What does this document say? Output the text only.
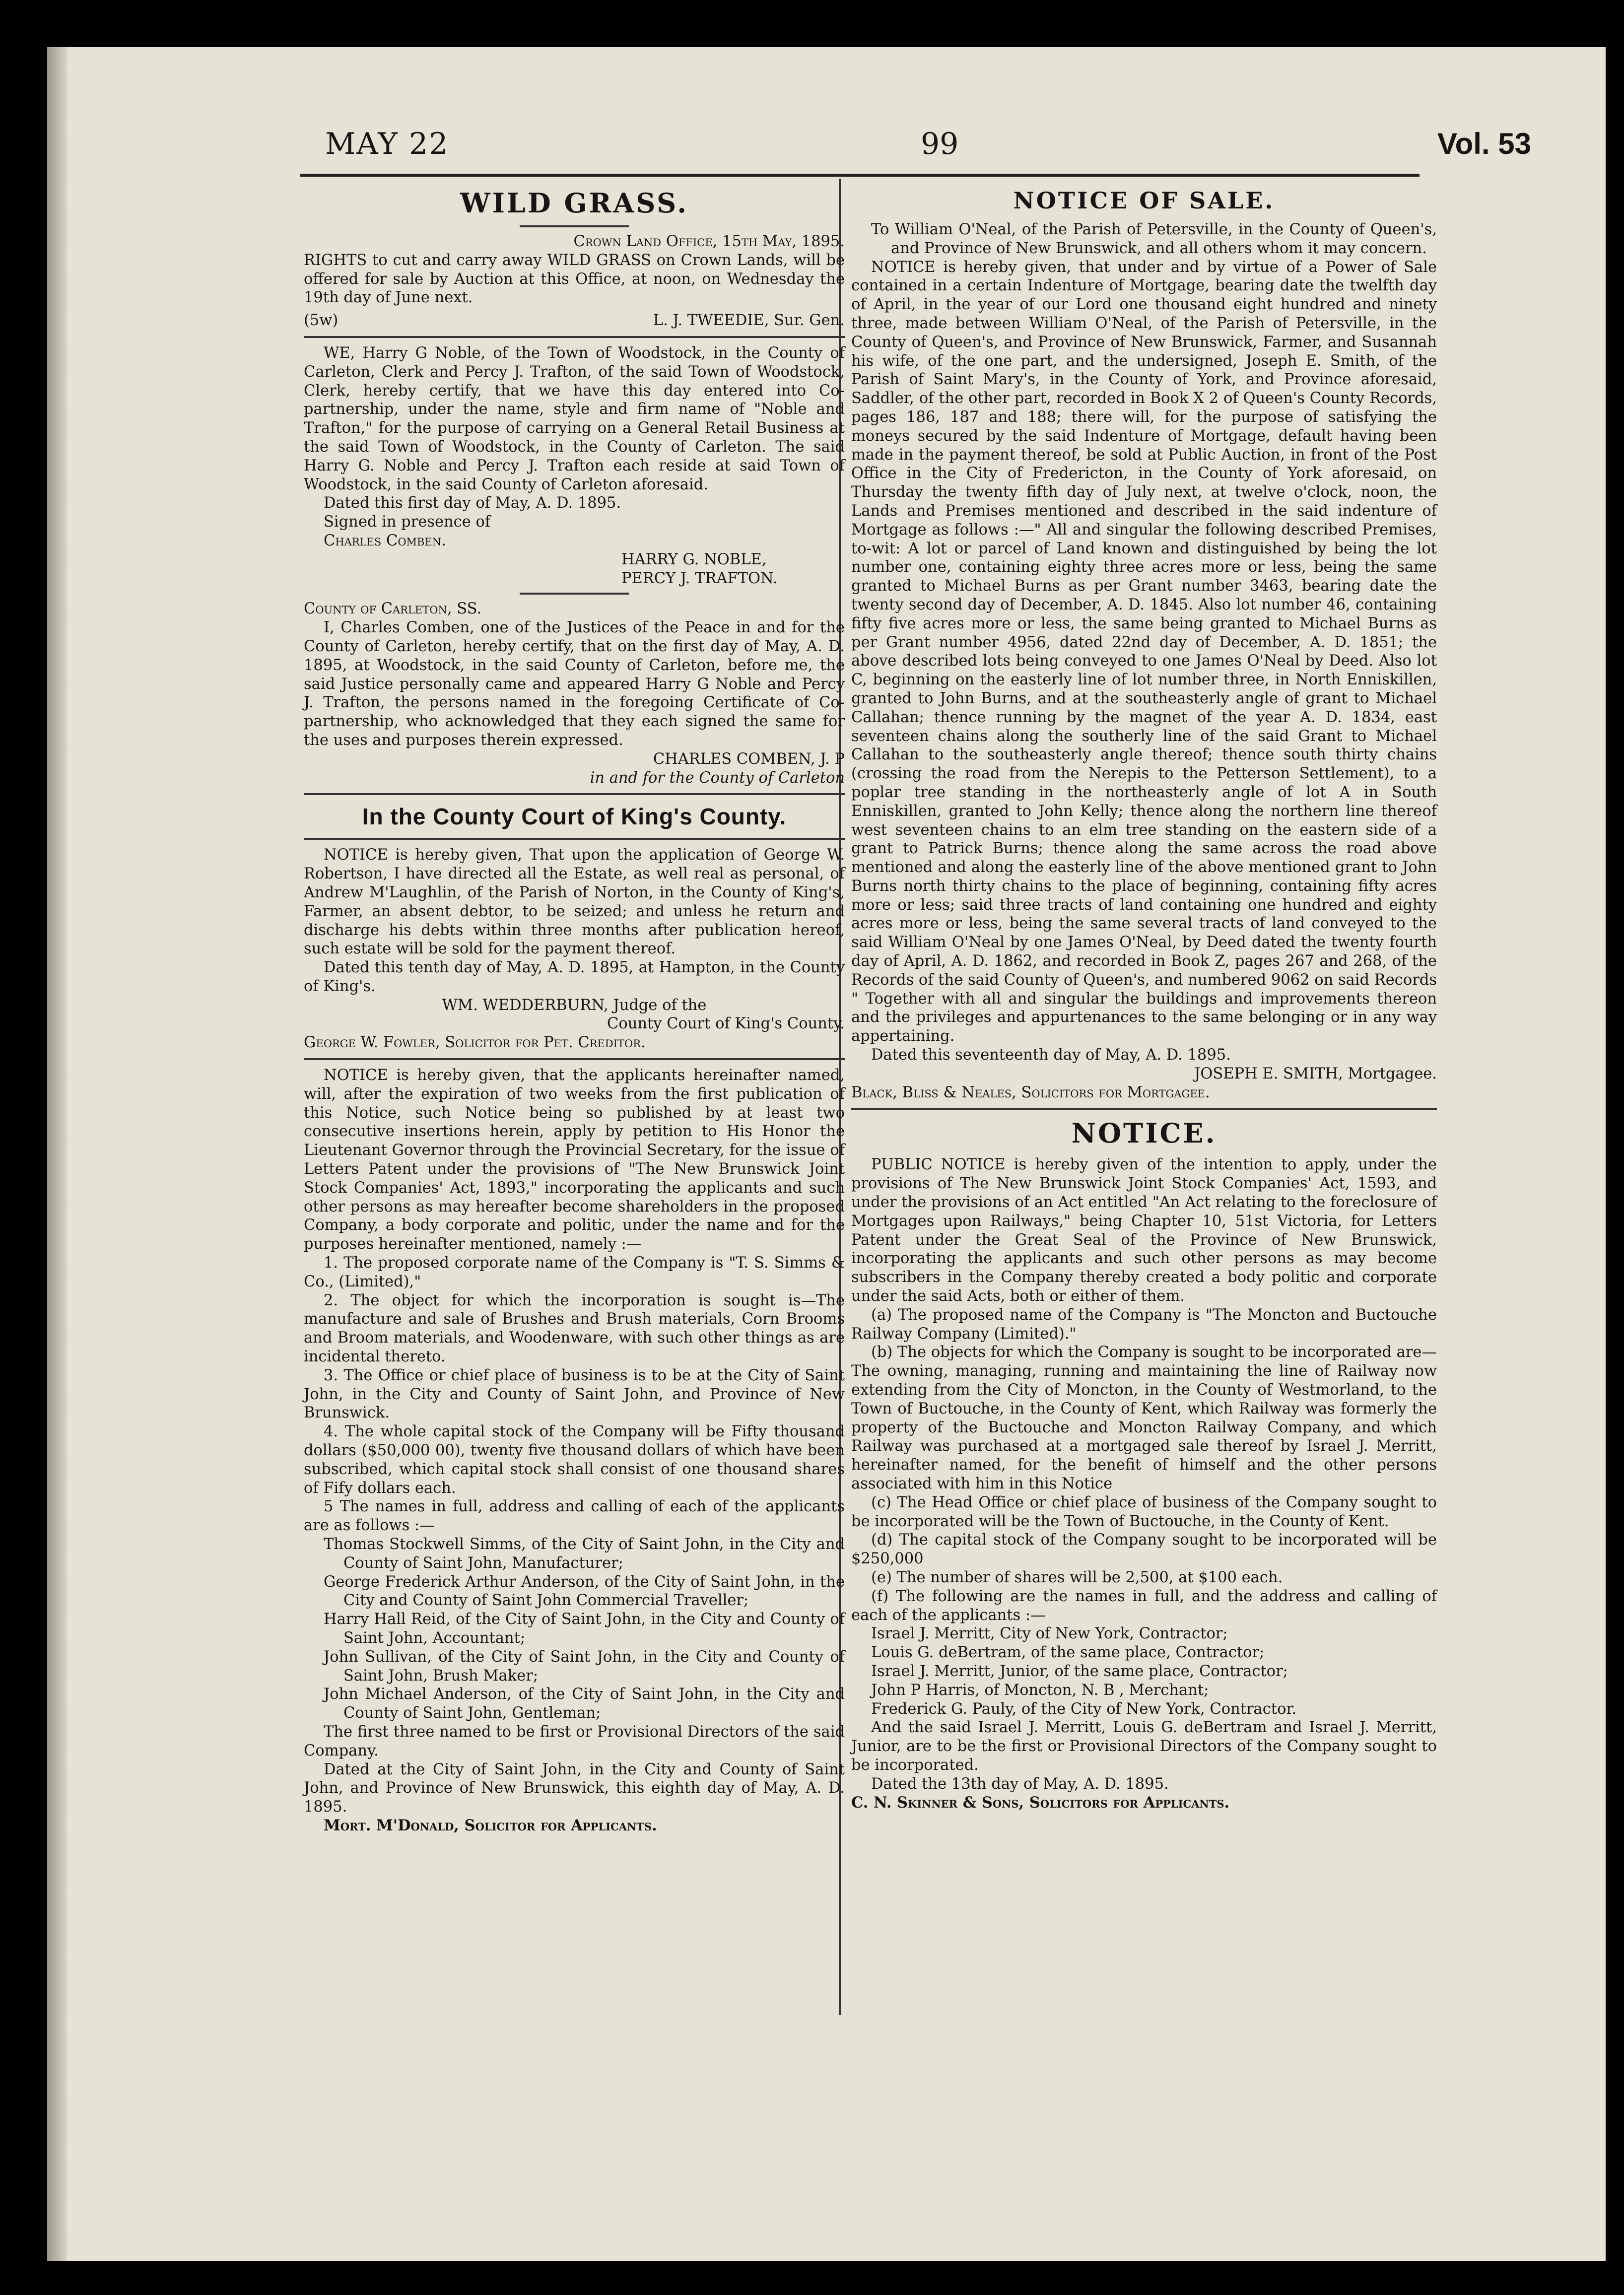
MAY 22	99	Vol. 53
WILD GRASS.

Crown Land Office, 15th May, 1895.

RIGHTS to cut and carry away WILD GRASS on Crown Lands, will be offered for sale by Auction at this Office, at noon, on Wednesday the 19th day of June next.

(5w)	L. J. TWEEDIE, Sur. Gen.

WE, Harry G Noble, of the Town of Woodstock, in the County of Carleton, Clerk and Percy J. Trafton, of the said Town of Woodstock, Clerk, hereby certify, that we have this day entered into Co-partnership, under the name, style and firm name of "Noble and Trafton," for the purpose of carrying on a General Retail Business at the said Town of Woodstock, in the County of Carleton. The said Harry G. Noble and Percy J. Trafton each reside at said Town of Woodstock, in the said County of Carleton aforesaid.

Dated this first day of May, A. D. 1895.

Signed in presence of

Charles Comben.

HARRY G. NOBLE,

PERCY J. TRAFTON.

County of Carleton, SS.

I, Charles Comben, one of the Justices of the Peace in and for the County of Carleton, hereby certify, that on the first day of May, A. D. 1895, at Woodstock, in the said County of Carleton, before me, the said Justice personally came and appeared Harry G Noble and Percy J. Trafton, the persons named in the foregoing Certificate of Co-partnership, who acknowledged that they each signed the same for the uses and purposes therein expressed.

CHARLES COMBEN, J. P

in and for the County of Carleton

In the County Court of King's County.

NOTICE is hereby given, That upon the application of George W. Robertson, I have directed all the Estate, as well real as personal, of Andrew M'Laughlin, of the Parish of Norton, in the County of King's, Farmer, an absent debtor, to be seized; and unless he return and discharge his debts within three months after publication hereof, such estate will be sold for the payment thereof.

Dated this tenth day of May, A. D. 1895, at Hampton, in the County of King's.

WM. WEDDERBURN, Judge of the

County Court of King's County.

George W. Fowler, Solicitor for Pet. Creditor.

NOTICE is hereby given, that the applicants hereinafter named, will, after the expiration of two weeks from the first publication of this Notice, such Notice being so published by at least two consecutive insertions herein, apply by petition to His Honor the Lieutenant Governor through the Provincial Secretary, for the issue of Letters Patent under the provisions of "The New Brunswick Joint Stock Companies' Act, 1893," incorporating the applicants and such other persons as may hereafter become shareholders in the proposed Company, a body corporate and politic, under the name and for the purposes hereinafter mentioned, namely :—

1. The proposed corporate name of the Company is "T. S. Simms & Co., (Limited),"

2. The object for which the incorporation is sought is—The manufacture and sale of Brushes and Brush materials, Corn Brooms and Broom materials, and Woodenware, with such other things as are incidental thereto.

3. The Office or chief place of business is to be at the City of Saint John, in the City and County of Saint John, and Province of New Brunswick.

4. The whole capital stock of the Company will be Fifty thousand dollars ($50,000 00), twenty five thousand dollars of which have been subscribed, which capital stock shall consist of one thousand shares of Fify dollars each.

5 The names in full, address and calling of each of the applicants are as follows :—

Thomas Stockwell Simms, of the City of Saint John, in the City and County of Saint John, Manufacturer;

George Frederick Arthur Anderson, of the City of Saint John, in the City and County of Saint John Commercial Traveller;

Harry Hall Reid, of the City of Saint John, in the City and County of Saint John, Accountant;

John Sullivan, of the City of Saint John, in the City and County of Saint John, Brush Maker;

John Michael Anderson, of the City of Saint John, in the City and County of Saint John, Gentleman;

The first three named to be first or Provisional Directors of the said Company.

Dated at the City of Saint John, in the City and County of Saint John, and Province of New Brunswick, this eighth day of May, A. D. 1895.

Mort. M'Donald, Solicitor for Applicants.

NOTICE OF SALE.

To William O'Neal, of the Parish of Petersville, in the County of Queen's, and Province of New Brunswick, and all others whom it may concern.

NOTICE is hereby given, that under and by virtue of a Power of Sale contained in a certain Indenture of Mortgage, bearing date the twelfth day of April, in the year of our Lord one thousand eight hundred and ninety three, made between William O'Neal, of the Parish of Petersville, in the County of Queen's, and Province of New Brunswick, Farmer, and Susannah his wife, of the one part, and the undersigned, Joseph E. Smith, of the Parish of Saint Mary's, in the County of York, and Province aforesaid, Saddler, of the other part, recorded in Book X 2 of Queen's County Records, pages 186, 187 and 188; there will, for the purpose of satisfying the moneys secured by the said Indenture of Mortgage, default having been made in the payment thereof, be sold at Public Auction, in front of the Post Office in the City of Fredericton, in the County of York aforesaid, on Thursday the twenty fifth day of July next, at twelve o'clock, noon, the Lands and Premises mentioned and described in the said indenture of Mortgage as follows :—" All and singular the following described Premises, to-wit: A lot or parcel of Land known and distinguished by being the lot number one, containing eighty three acres more or less, being the same granted to Michael Burns as per Grant number 3463, bearing date the twenty second day of December, A. D. 1845. Also lot number 46, containing fifty five acres more or less, the same being granted to Michael Burns as per Grant number 4956, dated 22nd day of December, A. D. 1851; the above described lots being conveyed to one James O'Neal by Deed. Also lot C, beginning on the easterly line of lot number three, in North Enniskillen, granted to John Burns, and at the southeasterly angle of grant to Michael Callahan; thence running by the magnet of the year A. D. 1834, east seventeen chains along the southerly line of the said Grant to Michael Callahan to the southeasterly angle thereof; thence south thirty chains (crossing the road from the Nerepis to the Petterson Settlement), to a poplar tree standing in the northeasterly angle of lot A in South Enniskillen, granted to John Kelly; thence along the northern line thereof west seventeen chains to an elm tree standing on the eastern side of a grant to Patrick Burns; thence along the same across the road above mentioned and along the easterly line of the above mentioned grant to John Burns north thirty chains to the place of beginning, containing fifty acres more or less; said three tracts of land containing one hundred and eighty acres more or less, being the same several tracts of land conveyed to the said William O'Neal by one James O'Neal, by Deed dated the twenty fourth day of April, A. D. 1862, and recorded in Book Z, pages 267 and 268, of the Records of the said County of Queen's, and numbered 9062 on said Records " Together with all and singular the buildings and improvements thereon and the privileges and appurtenances to the same belonging or in any way appertaining.

Dated this seventeenth day of May, A. D. 1895.

JOSEPH E. SMITH, Mortgagee.

Black, Bliss & Neales, Solicitors for Mortgagee.

NOTICE.

PUBLIC NOTICE is hereby given of the intention to apply, under the provisions of The New Brunswick Joint Stock Companies' Act, 1593, and under the provisions of an Act entitled "An Act relating to the foreclosure of Mortgages upon Railways," being Chapter 10, 51st Victoria, for Letters Patent under the Great Seal of the Province of New Brunswick, incorporating the applicants and such other persons as may become subscribers in the Company thereby created a body politic and corporate under the said Acts, both or either of them.

(a) The proposed name of the Company is "The Moncton and Buctouche Railway Company (Limited)."

(b) The objects for which the Company is sought to be incorporated are—The owning, managing, running and maintaining the line of Railway now extending from the City of Moncton, in the County of Westmorland, to the Town of Buctouche, in the County of Kent, which Railway was formerly the property of the Buctouche and Moncton Railway Company, and which Railway was purchased at a mortgaged sale thereof by Israel J. Merritt, hereinafter named, for the benefit of himself and the other persons associated with him in this Notice

(c) The Head Office or chief place of business of the Company sought to be incorporated will be the Town of Buctouche, in the County of Kent.

(d) The capital stock of the Company sought to be incorporated will be $250,000

(e) The number of shares will be 2,500, at $100 each.

(f) The following are the names in full, and the address and calling of each of the applicants :—

Israel J. Merritt, City of New York, Contractor;

Louis G. deBertram, of the same place, Contractor;

Israel J. Merritt, Junior, of the same place, Contractor;

John P Harris, of Moncton, N. B , Merchant;

Frederick G. Pauly, of the City of New York, Contractor.

And the said Israel J. Merritt, Louis G. deBertram and Israel J. Merritt, Junior, are to be the first or Provisional Directors of the Company sought to be incorporated.

Dated the 13th day of May, A. D. 1895.

C. N. Skinner & Sons, Solicitors for Applicants.
